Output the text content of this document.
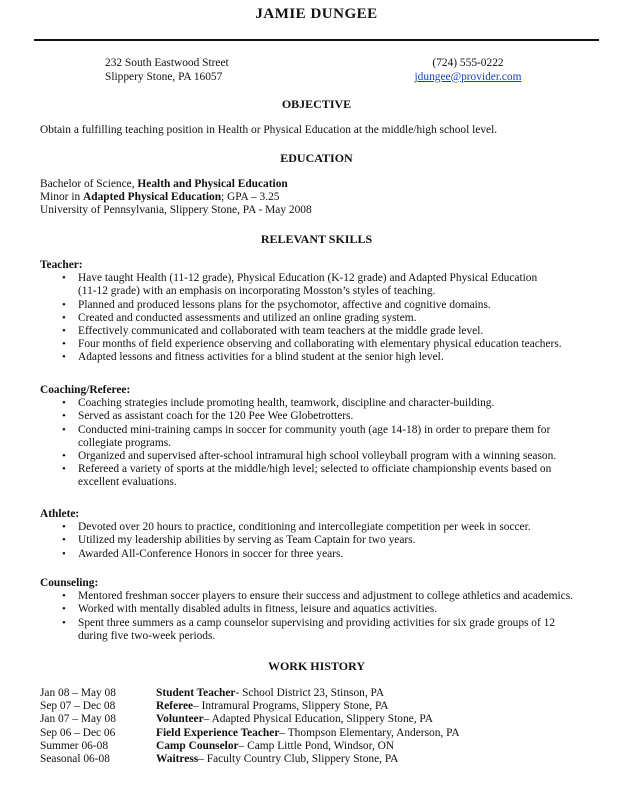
JAMIE DUNGEE
232 South Eastwood Street
Slippery Stone, PA 16057
(724) 555-0222
jdungee@provider.com
OBJECTIVE
Obtain a fulfilling teaching position in Health or Physical Education at the middle/high school level.
EDUCATION
Bachelor of Science, Health and Physical Education
Minor in Adapted Physical Education; GPA – 3.25
University of Pennsylvania, Slippery Stone, PA - May 2008
RELEVANT SKILLS
Teacher:
• Have taught Health (11-12 grade), Physical Education (K-12 grade) and Adapted Physical Education
(11-12 grade) with an emphasis on incorporating Mosston’s styles of teaching.
• Planned and produced lessons plans for the psychomotor, affective and cognitive domains.
• Created and conducted assessments and utilized an online grading system.
• Effectively communicated and collaborated with team teachers at the middle grade level.
• Four months of field experience observing and collaborating with elementary physical education teachers.
• Adapted lessons and fitness activities for a blind student at the senior high level.
Coaching/Referee:
• Coaching strategies include promoting health, teamwork, discipline and character-building.
• Served as assistant coach for the 120 Pee Wee Globetrotters.
• Conducted mini-training camps in soccer for community youth (age 14-18) in order to prepare them for
collegiate programs.
• Organized and supervised after-school intramural high school volleyball program with a winning season.
• Refereed a variety of sports at the middle/high level; selected to officiate championship events based on
excellent evaluations.
Athlete:
• Devoted over 20 hours to practice, conditioning and intercollegiate competition per week in soccer.
• Utilized my leadership abilities by serving as Team Captain for two years.
• Awarded All-Conference Honors in soccer for three years.
Counseling:
• Mentored freshman soccer players to ensure their success and adjustment to college athletics and academics.
• Worked with mentally disabled adults in fitness, leisure and aquatics activities.
• Spent three summers as a camp counselor supervising and providing activities for six grade groups of 12
during five two-week periods.
WORK HISTORY
Jan 08 – May 08	Student Teacher - School District 23, Stinson, PA
Sep 07 – Dec 08	Referee – Intramural Programs, Slippery Stone, PA
Jan 07 – May 08	Volunteer – Adapted Physical Education, Slippery Stone, PA
Sep 06 – Dec 06	Field Experience Teacher – Thompson Elementary, Anderson, PA
Summer 06-08	Camp Counselor – Camp Little Pond, Windsor, ON
Seasonal 06-08	Waitress – Faculty Country Club, Slippery Stone, PA
